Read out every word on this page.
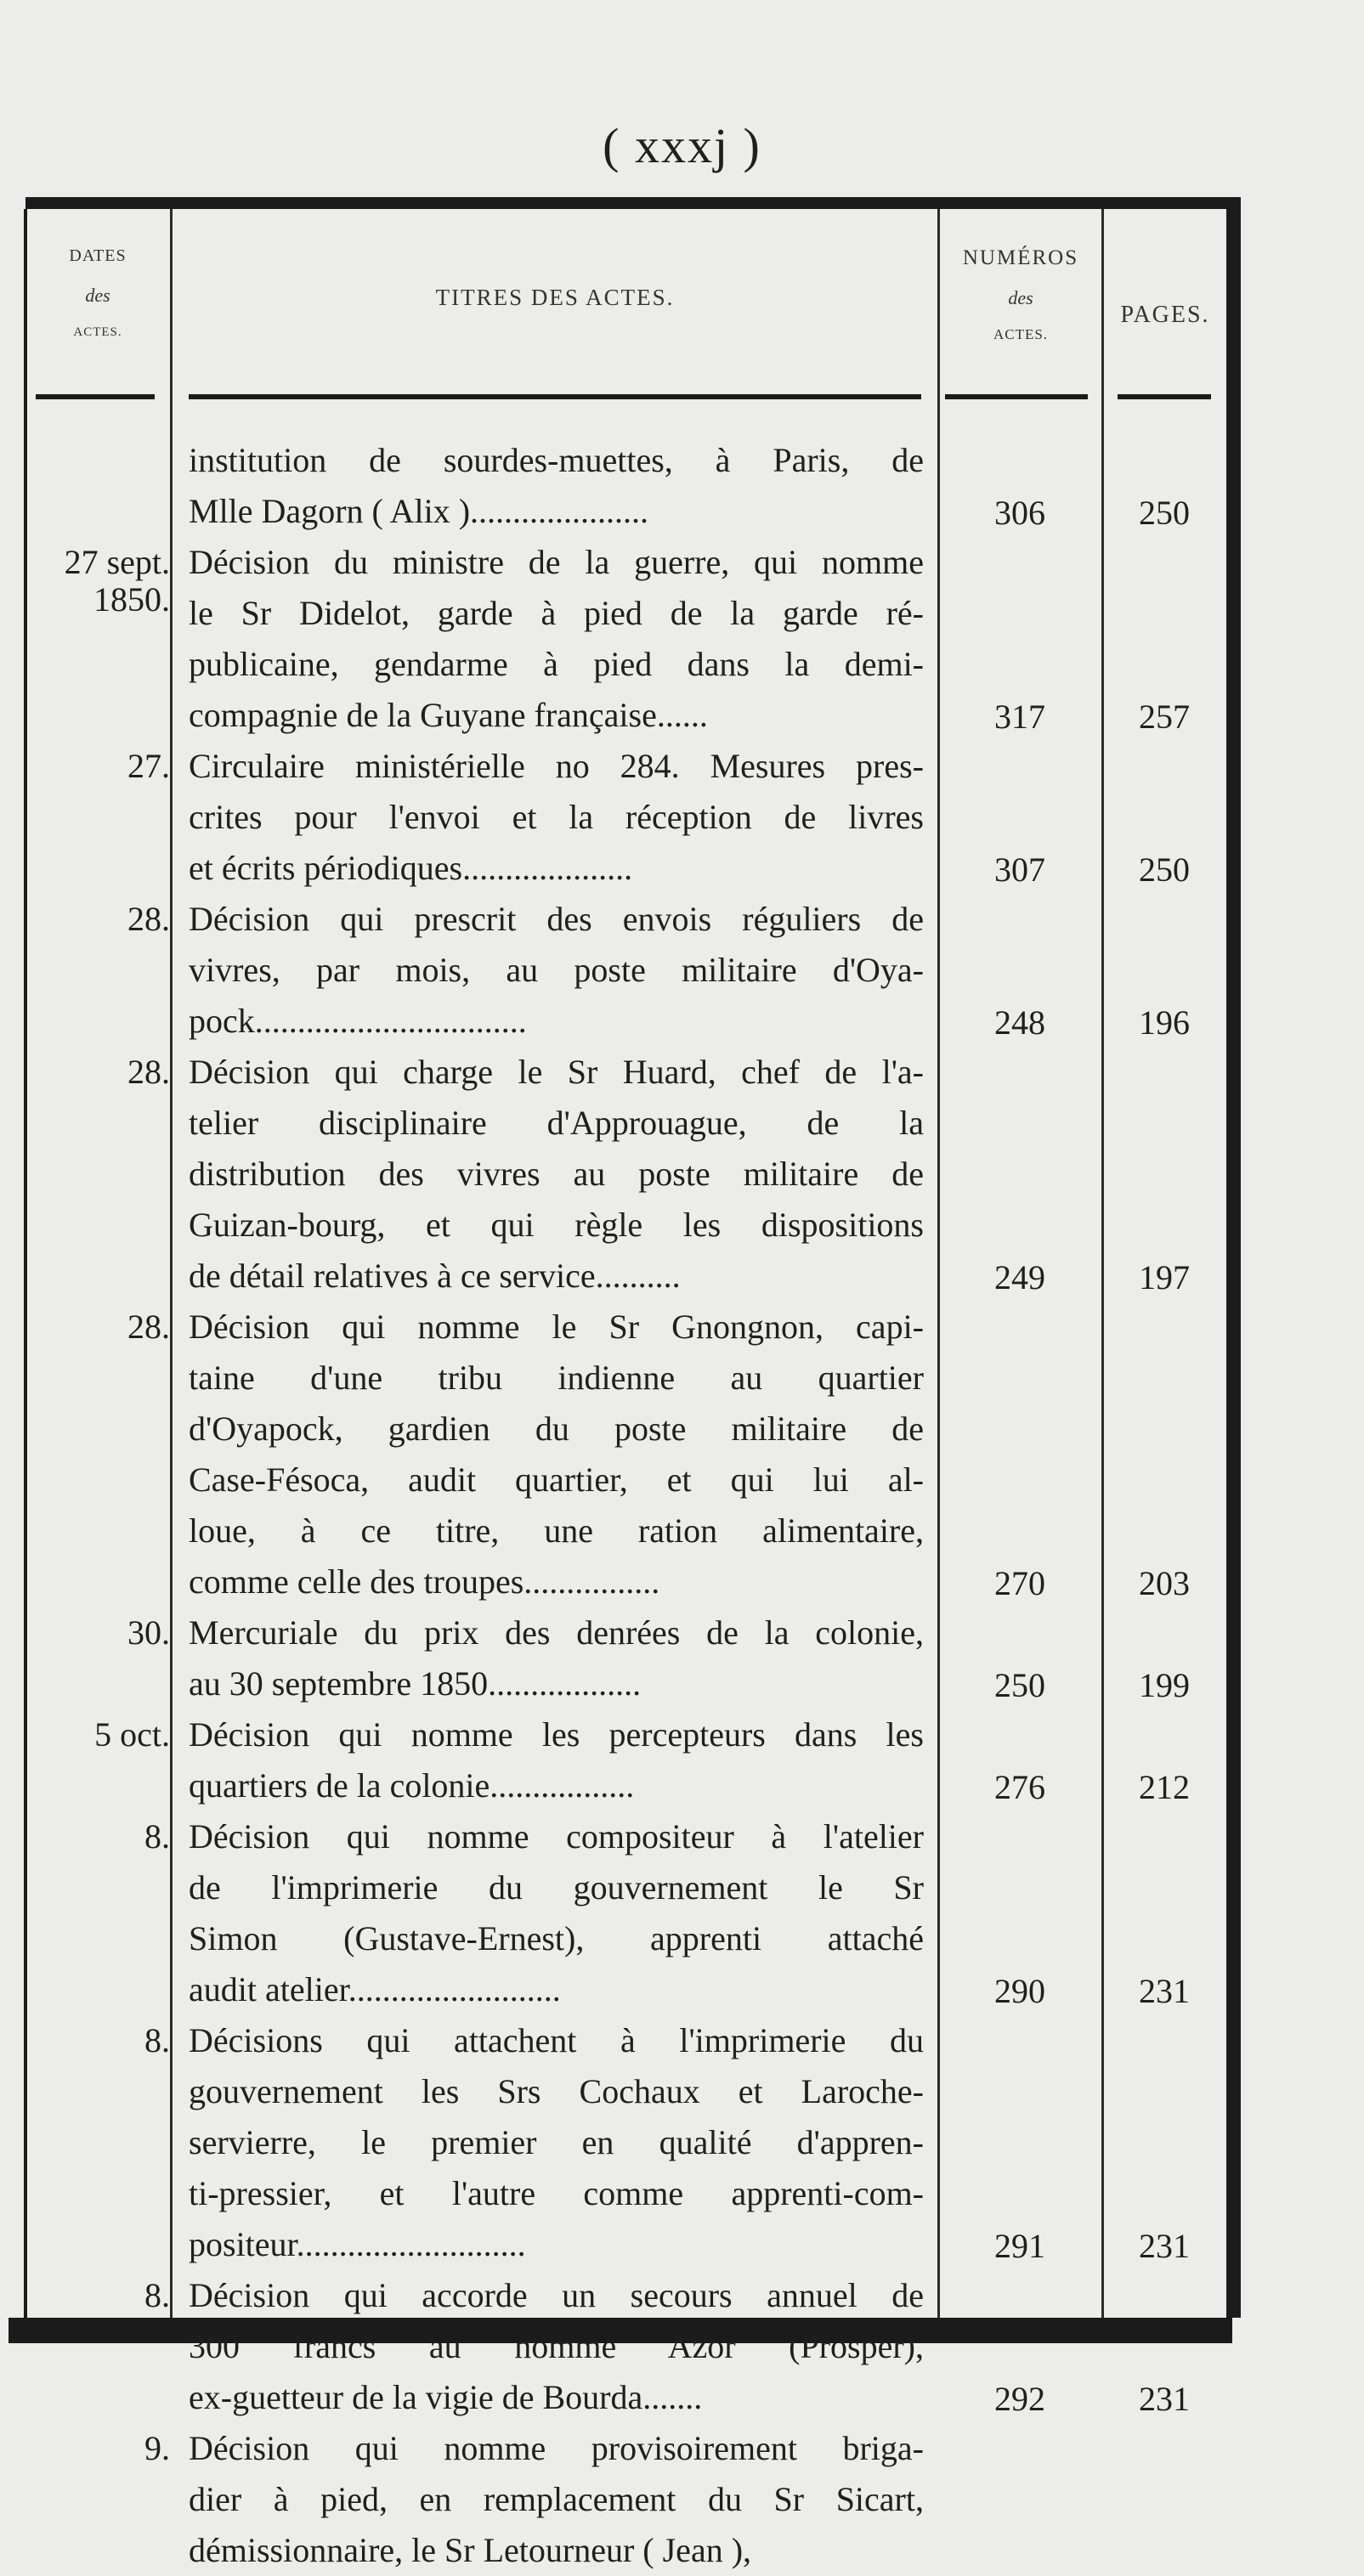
( xxxj )
DATES
des
ACTES.
TITRES DES ACTES.
NUMÉROS
des
ACTES.
PAGES.
institution de sourdes-muettes, à Paris, de
Mlle Dagorn ( Alix ).....................	306	250
27 sept.
1850.
Décision du ministre de la guerre, qui nomme
le Sr Didelot, garde à pied de la garde ré-
publicaine, gendarme à pied dans la demi-
compagnie de la Guyane française......	317	257
27. Circulaire ministérielle no 284. Mesures pres-
crites pour l'envoi et la réception de livres
et écrits périodiques....................	307	250
28. Décision qui prescrit des envois réguliers de
vivres, par mois, au poste militaire d'Oya-
pock................................	248	196
28. Décision qui charge le Sr Huard, chef de l'a-
telier disciplinaire d'Approuague, de la
distribution des vivres au poste militaire de
Guizan-bourg, et qui règle les dispositions
de détail relatives à ce service..........	249	197
28. Décision qui nomme le Sr Gnongnon, capi-
taine d'une tribu indienne au quartier
d'Oyapock, gardien du poste militaire de
Case-Fésoca, audit quartier, et qui lui al-
loue, à ce titre, une ration alimentaire,
comme celle des troupes................	270	203
30. Mercuriale du prix des denrées de la colonie,
au 30 septembre 1850..................	250	199
5 oct. Décision qui nomme les percepteurs dans les
quartiers de la colonie.................	276	212
8. Décision qui nomme compositeur à l'atelier
de l'imprimerie du gouvernement le Sr
Simon (Gustave-Ernest), apprenti attaché
audit atelier.........................	290	231
8. Décisions qui attachent à l'imprimerie du
gouvernement les Srs Cochaux et Laroche-
servierre, le premier en qualité d'appren-
ti-pressier, et l'autre comme apprenti-com-
positeur...........................	291	231
8. Décision qui accorde un secours annuel de
300 francs au nommé Azor (Prosper),
ex-guetteur de la vigie de Bourda.......	292	231
9. Décision qui nomme provisoirement briga-
dier à pied, en remplacement du Sr Sicart,
démissionnaire, le Sr Letourneur ( Jean ),
